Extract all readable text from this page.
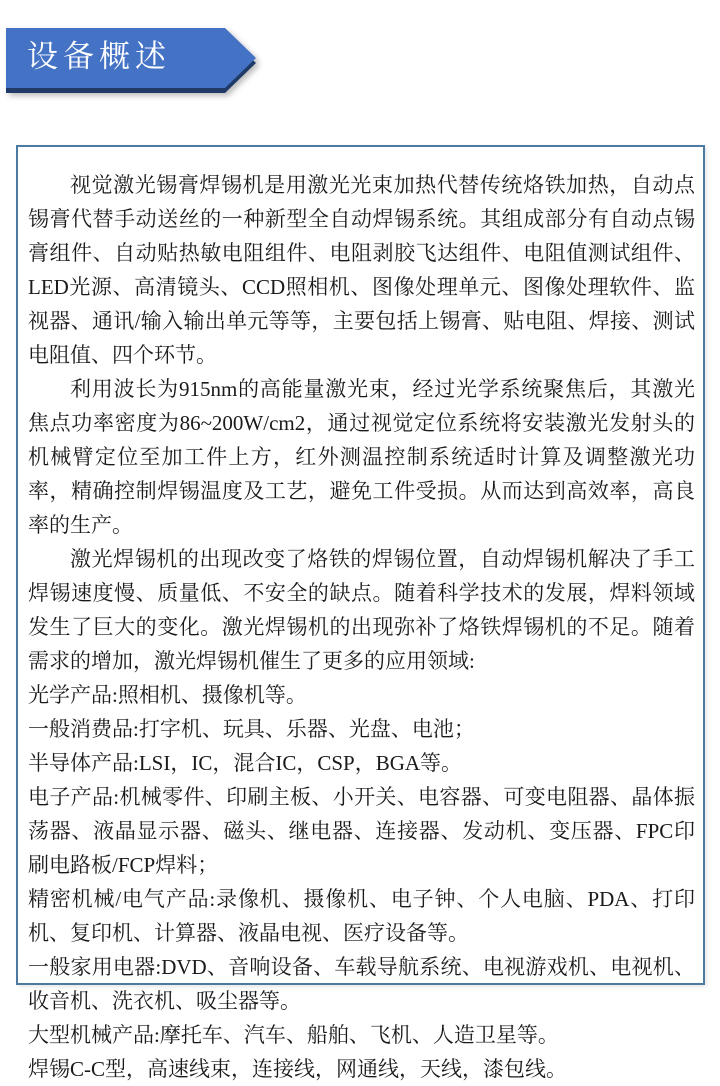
设备概述

视觉激光锡膏焊锡机是用激光光束加热代替传统烙铁加热，自动点锡膏代替手动送丝的一种新型全自动焊锡系统。其组成部分有自动点锡膏组件、自动贴热敏电阻组件、电阻剥胶飞达组件、电阻值测试组件、LED光源、高清镜头、CCD照相机、图像处理单元、图像处理软件、监视器、通讯/输入输出单元等等，主要包括上锡膏、贴电阻、焊接、测试电阻值、四个环节。

利用波长为915nm的高能量激光束，经过光学系统聚焦后，其激光焦点功率密度为86~200W/cm2，通过视觉定位系统将安装激光发射头的机械臂定位至加工件上方，红外测温控制系统适时计算及调整激光功率，精确控制焊锡温度及工艺，避免工件受损。从而达到高效率，高良率的生产。

激光焊锡机的出现改变了烙铁的焊锡位置，自动焊锡机解决了手工焊锡速度慢、质量低、不安全的缺点。随着科学技术的发展，焊料领域发生了巨大的变化。激光焊锡机的出现弥补了烙铁焊锡机的不足。随着需求的增加，激光焊锡机催生了更多的应用领域:

光学产品:照相机、摄像机等。

一般消费品:打字机、玩具、乐器、光盘、电池；

半导体产品:LSI，IC，混合IC，CSP，BGA等。

电子产品:机械零件、印刷主板、小开关、电容器、可变电阻器、晶体振荡器、液晶显示器、磁头、继电器、连接器、发动机、变压器、FPC印刷电路板/FCP焊料；

精密机械/电气产品:录像机、摄像机、电子钟、个人电脑、PDA、打印机、复印机、计算器、液晶电视、医疗设备等。

一般家用电器:DVD、音响设备、车载导航系统、电视游戏机、电视机、收音机、洗衣机、吸尘器等。

大型机械产品:摩托车、汽车、船舶、飞机、人造卫星等。

焊锡C-C型，高速线束，连接线，网通线，天线，漆包线。
